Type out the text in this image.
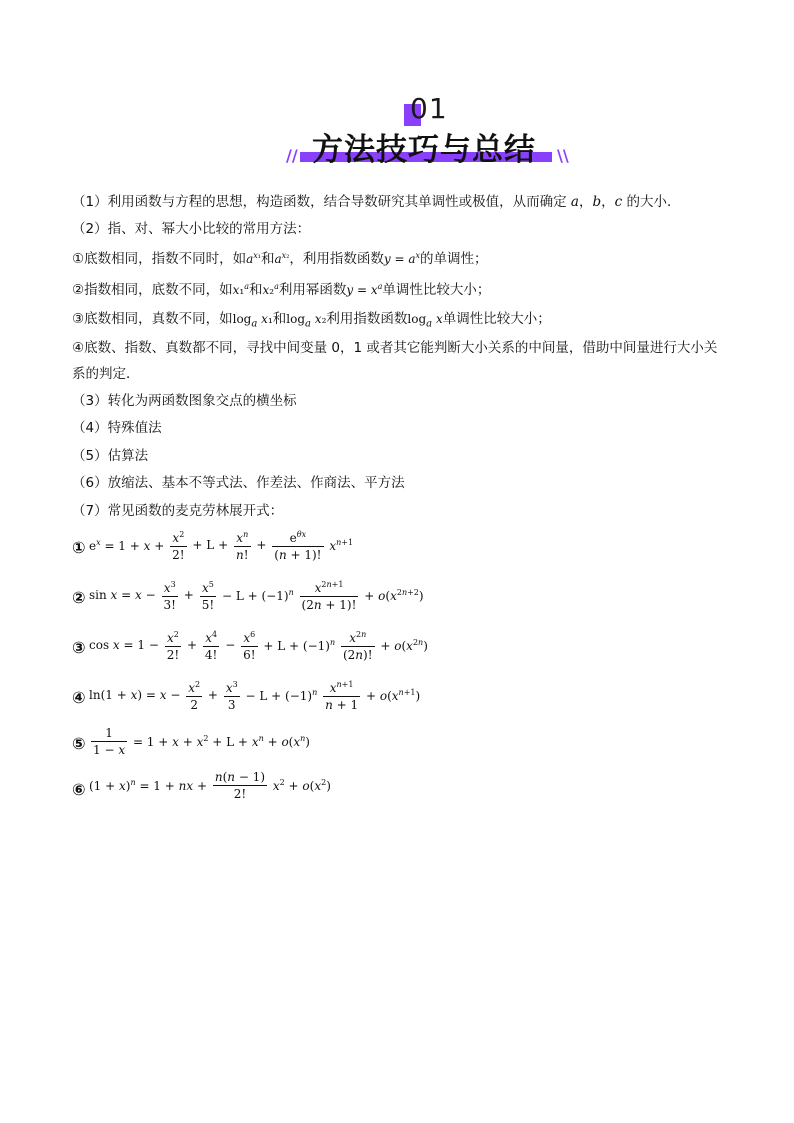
01
方法技巧与总结
//	\\
（1）利用函数与方程的思想，构造函数，结合导数研究其单调性或极值，从而确定 a，b，c 的大小．
（2）指、对、幂大小比较的常用方法：
①底数相同，指数不同时，如$a^{x_1}$和$a^{x_2}$，利用指数函数$y = a^x$的单调性；
②指数相同，底数不同，如x₁$^a$和x₂$^a$利用幂函数$y = x^a$单调性比较大小；
③底数相同，真数不同，如$\log_a x_1$和$\log_a x_2$利用指数函数$\log_a x$单调性比较大小；
④底数、指数、真数都不同，寻找中间变量 0，1 或者其它能判断大小关系的中间量，借助中间量进行大小关系的判定．
（3）转化为两函数图象交点的横坐标
（4）特殊值法
（5）估算法
（6）放缩法、基本不等式法、作差法、作商法、平方法
（7）常见函数的麦克劳林展开式：
① $e^x = 1 + x + \frac{x^2}{2!} + L + \frac{x^n}{n!} + \frac{e^{\theta x}}{(n + 1)!} x^{n+1}$
② $\sin x = x - \frac{x^3}{3!} + \frac{x^5}{5!} - L + (-1)^n \frac{x^{2n+1}}{(2n + 1)!} + o(x^{2n+2})$
③ $\cos x = 1 - \frac{x^2}{2!} + \frac{x^4}{4!} - \frac{x^6}{6!} + L + (-1)^n \frac{x^{2n}}{(2n)!} + o(x^{2n})$
④ $\ln(1 + x) = x - \frac{x^2}{2} + \frac{x^3}{3} - L + (-1)^n \frac{x^{n+1}}{n + 1} + o(x^{n+1})$
⑤ $\frac{1}{1 - x} = 1 + x + x^2 + L + x^n + o(x^n)$
⑥ $(1 + x)^n = 1$ + nx + $\frac{n(n - 1)}{2!} x^2 + o(x^2)$
